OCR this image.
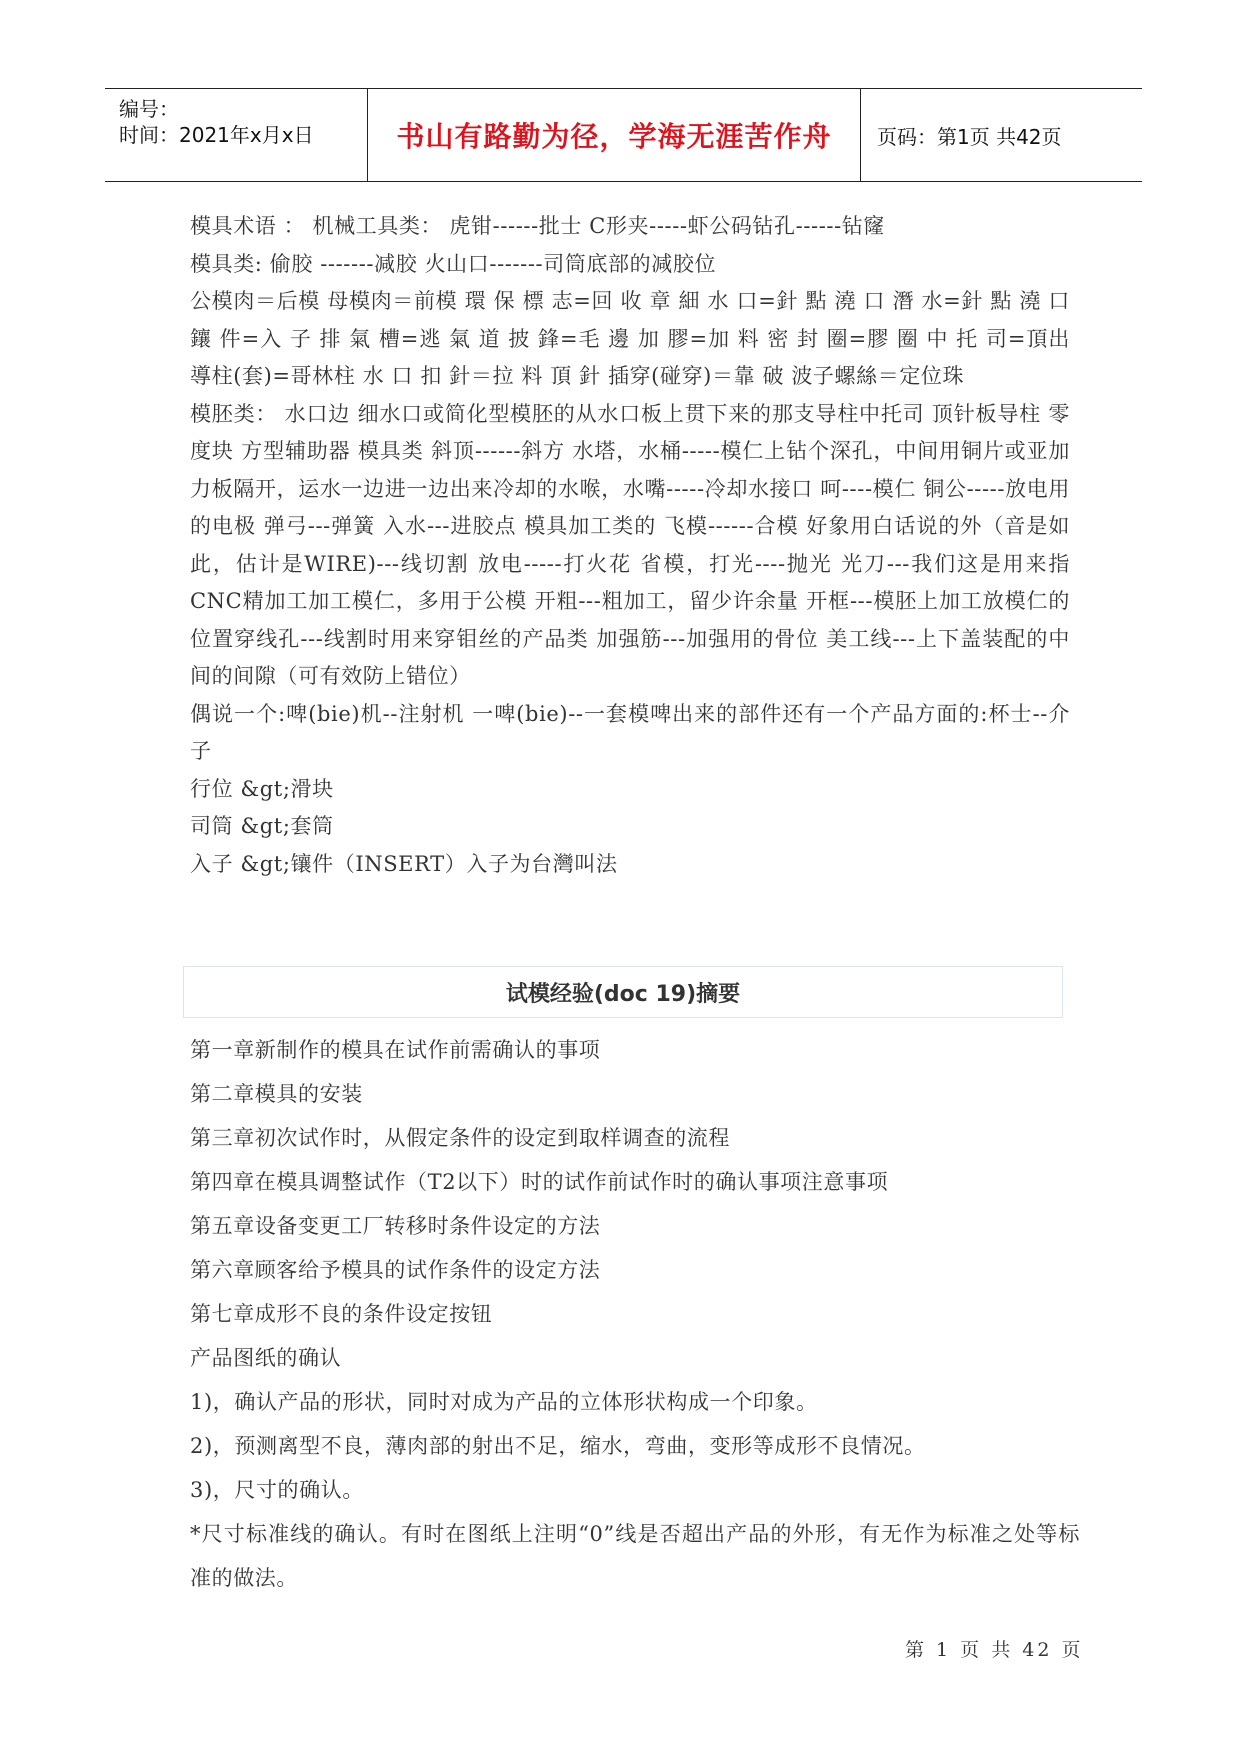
编号：
时间：2021年x月x日	书山有路勤为径，学海无涯苦作舟 页码：第1页 共42页

模具术语 ： 机械工具类： 虎钳------批士 C形夹-----虾公码钻孔------钻窿

模具类: 偷胶 -------减胶 火山口-------司筒底部的减胶位

公模肉＝后模 母模肉＝前模 環 保 標 志=回 收 章 細 水 口=針 點 澆 口 潛 水=針 點 澆 口 鑲 件=入 子 排 氣 槽=逃 氣 道 披 鋒=毛 邊 加 膠=加 料 密 封 圈=膠 圈 中 托 司=頂出導柱(套)=哥林柱 水 口 扣 針＝拉 料 頂 針 插穿(碰穿)＝靠 破 波子螺絲＝定位珠

模胚类： 水口边 细水口或简化型模胚的从水口板上贯下来的那支导柱中托司 顶针板导柱 零度块 方型辅助器 模具类 斜顶------斜方 水塔，水桶-----模仁上钻个深孔，中间用铜片或亚加力板隔开，运水一边进一边出来冷却的水喉，水嘴-----冷却水接口 呵----模仁 铜公-----放电用的电极 弹弓---弹簧 入水---进胶点 模具加工类的 飞模------合模 好象用白话说的外（音是如此，估计是WIRE)---线切割 放电-----打火花 省模，打光----抛光 光刀---我们这是用来指CNC精加工加工模仁，多用于公模 开粗---粗加工，留少许余量 开框---模胚上加工放模仁的位置穿线孔---线割时用来穿钼丝的产品类 加强筋---加强用的骨位 美工线---上下盖装配的中间的间隙（可有效防上错位）

偶说一个:啤(bie)机--注射机 一啤(bie)--一套模啤出来的部件还有一个产品方面的:杯士--介子

行位 &gt;滑块

司筒 &gt;套筒

入子 &gt;镶件（INSERT）入子为台灣叫法

试模经验(doc 19)摘要

第一章新制作的模具在试作前需确认的事项

第二章模具的安装

第三章初次试作时，从假定条件的设定到取样调查的流程

第四章在模具调整试作（T2以下）时的试作前试作时的确认事项注意事项

第五章设备变更工厂转移时条件设定的方法

第六章顾客给予模具的试作条件的设定方法

第七章成形不良的条件设定按钮

产品图纸的确认

1)，确认产品的形状，同时对成为产品的立体形状构成一个印象。

2)，预测离型不良，薄肉部的射出不足，缩水，弯曲，变形等成形不良情况。

3)，尺寸的确认。

*尺寸标准线的确认。有时在图纸上注明“0”线是否超出产品的外形，有无作为标准之处等标准的做法。

第 1 页 共 42 页
